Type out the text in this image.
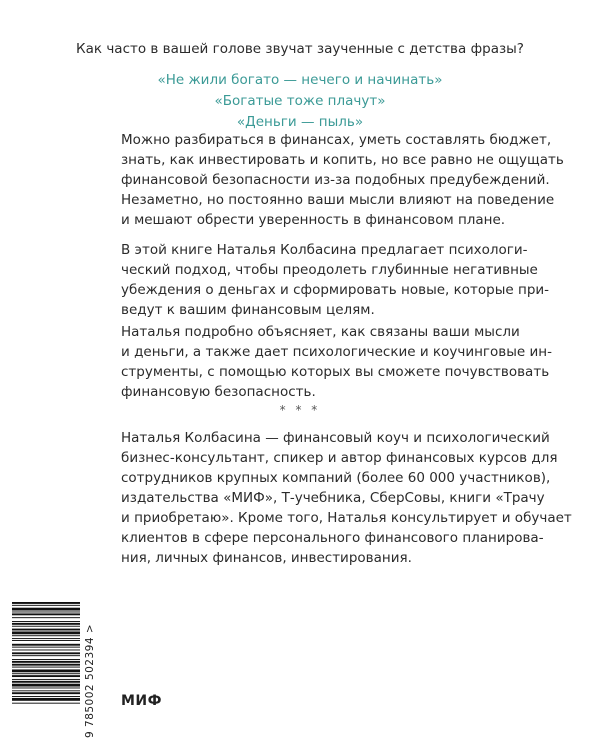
Как часто в вашей голове звучат заученные с детства фразы?
«Не жили богато — нечего и начинать»
«Богатые тоже плачут»
«Деньги — пыль»
Можно разбираться в финансах, уметь составлять бюджет,
знать, как инвестировать и копить, но все равно не ощущать
финансовой безопасности из-за подобных предубеждений.
Незаметно, но постоянно ваши мысли влияют на поведение
и мешают обрести уверенность в финансовом плане.
В этой книге Наталья Колбасина предлагает психологи-
ческий подход, чтобы преодолеть глубинные негативные
убеждения о деньгах и сформировать новые, которые при-
ведут к вашим финансовым целям.
Наталья подробно объясняет, как связаны ваши мысли
и деньги, а также дает психологические и коучинговые ин-
струменты, с помощью которых вы сможете почувствовать
финансовую безопасность.
* * *
Наталья Колбасина — финансовый коуч и психологический
бизнес-консультант, спикер и автор финансовых курсов для
сотрудников крупных компаний (более 60 000 участников),
издательства «МИФ», Т-учебника, СберСовы, книги «Трачу
и приобретаю». Кроме того, Наталья консультирует и обучает
клиентов в сфере персонального финансового планирова-
ния, личных финансов, инвестирования.
9 785002 502394 >	МИФ
